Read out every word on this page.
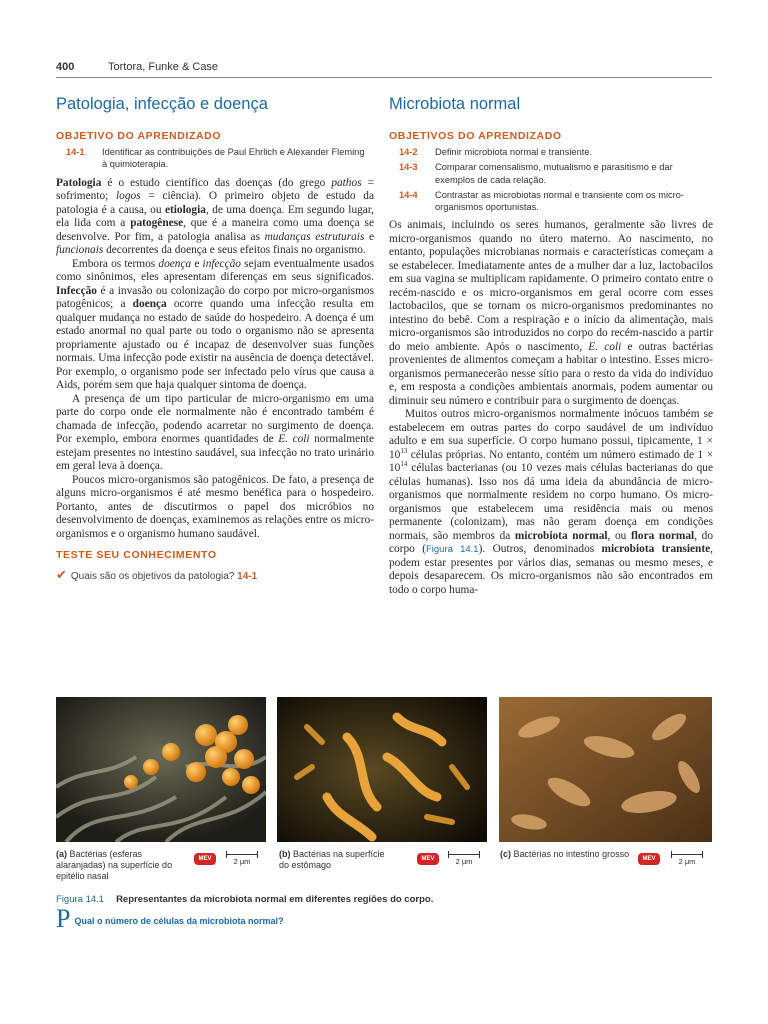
400	Tortora, Funke & Case
Patologia, infecção e doença
OBJETIVO DO APRENDIZADO
14-1 Identificar as contribuições de Paul Ehrlich e Alexander Fleming à quimioterapia.

Patologia é o estudo científico das doenças (do grego pathos = sofrimento; logos = ciência). O primeiro objeto de estudo da patologia é a causa, ou etiologia, de uma doença. Em segundo lugar, ela lida com a patogênese, que é a maneira como uma doença se desenvolve. Por fim, a patologia analisa as mudanças estruturais e funcionais decorrentes da doença e seus efeitos finais no organismo.

Embora os termos doença e infecção sejam eventualmente usados como sinônimos, eles apresentam diferenças em seus significados. Infecção é a invasão ou colonização do corpo por micro-organismos patogênicos; a doença ocorre quando uma infecção resulta em qualquer mudança no estado de saúde do hospedeiro. A doença é um estado anormal no qual parte ou todo o organismo não se apresenta propriamente ajustado ou é incapaz de desenvolver suas funções normais. Uma infecção pode existir na ausência de doença detectável. Por exemplo, o organismo pode ser infectado pelo vírus que causa a Aids, porém sem que haja qualquer sintoma de doença.

A presença de um tipo particular de micro-organismo em uma parte do corpo onde ele normalmente não é encontrado também é chamada de infecção, podendo acarretar no surgimento de doença. Por exemplo, embora enormes quantidades de E. coli normalmente estejam presentes no intestino saudável, sua infecção no trato urinário em geral leva à doença.

Poucos micro-organismos são patogênicos. De fato, a presença de alguns micro-organismos é até mesmo benéfica para o hospedeiro. Portanto, antes de discutirmos o papel dos micróbios no desenvolvimento de doenças, examinemos as relações entre os micro-organismos e o organismo humano saudável.

TESTE SEU CONHECIMENTO
✔ Quais são os objetivos da patologia? 14-1
Microbiota normal
OBJETIVOS DO APRENDIZADO
14-2 Definir microbiota normal e transiente.
14-3 Comparar comensalismo, mutualismo e parasitismo e dar exemplos de cada relação.
14-4 Contrastar as microbiotas normal e transiente com os micro-organismos oportunistas.

Os animais, incluindo os seres humanos, geralmente são livres de micro-organismos quando no útero materno. Ao nascimento, no entanto, populações microbianas normais e características começam a se estabelecer. Imediatamente antes de a mulher dar a luz, lactobacilos em sua vagina se multiplicam rapidamente. O primeiro contato entre o recém-nascido e os micro-organismos em geral ocorre com esses lactobacilos, que se tornam os micro-organismos predominantes no intestino do bebê. Com a respiração e o início da alimentação, mais micro-organismos são introduzidos no corpo do recém-nascido a partir do meio ambiente. Após o nascimento, E. coli e outras bactérias provenientes de alimentos começam a habitar o intestino. Esses micro-organismos permanecerão nesse sítio para o resto da vida do indivíduo e, em resposta a condições ambientais anormais, podem aumentar ou diminuir seu número e contribuir para o surgimento de doenças.

Muitos outros micro-organismos normalmente inócuos também se estabelecem em outras partes do corpo saudável de um indivíduo adulto e em sua superfície. O corpo humano possui, tipicamente, $1 \times 10^{13}$ células próprias. No entanto, contém um número estimado de $1 \times 10^{14}$ células bacterianas (ou 10 vezes mais células bacterianas do que células humanas). Isso nos dá uma ideia da abundância de micro-organismos que normalmente residem no corpo humano. Os micro-organismos que estabelecem uma residência mais ou menos permanente (colonizam), mas não geram doença em condições normais, são membros da microbiota normal, ou flora normal, do corpo (Figura 14.1). Outros, denominados microbiota transiente, podem estar presentes por vários dias, semanas ou mesmo meses, e depois desaparecem. Os micro-organismos não são encontrados em todo o corpo huma-

(a) Bactérias (esferas alaranjadas) na superfície do epitélio nasal
MEV	2 μm
(b) Bactérias na superfície do estômago
MEV	2 μm
(c) Bactérias no intestino grosso	MEV	2 μm
Figura 14.1 Representantes da microbiota normal em diferentes regiões do corpo.
P Qual o número de células da microbiota normal?
